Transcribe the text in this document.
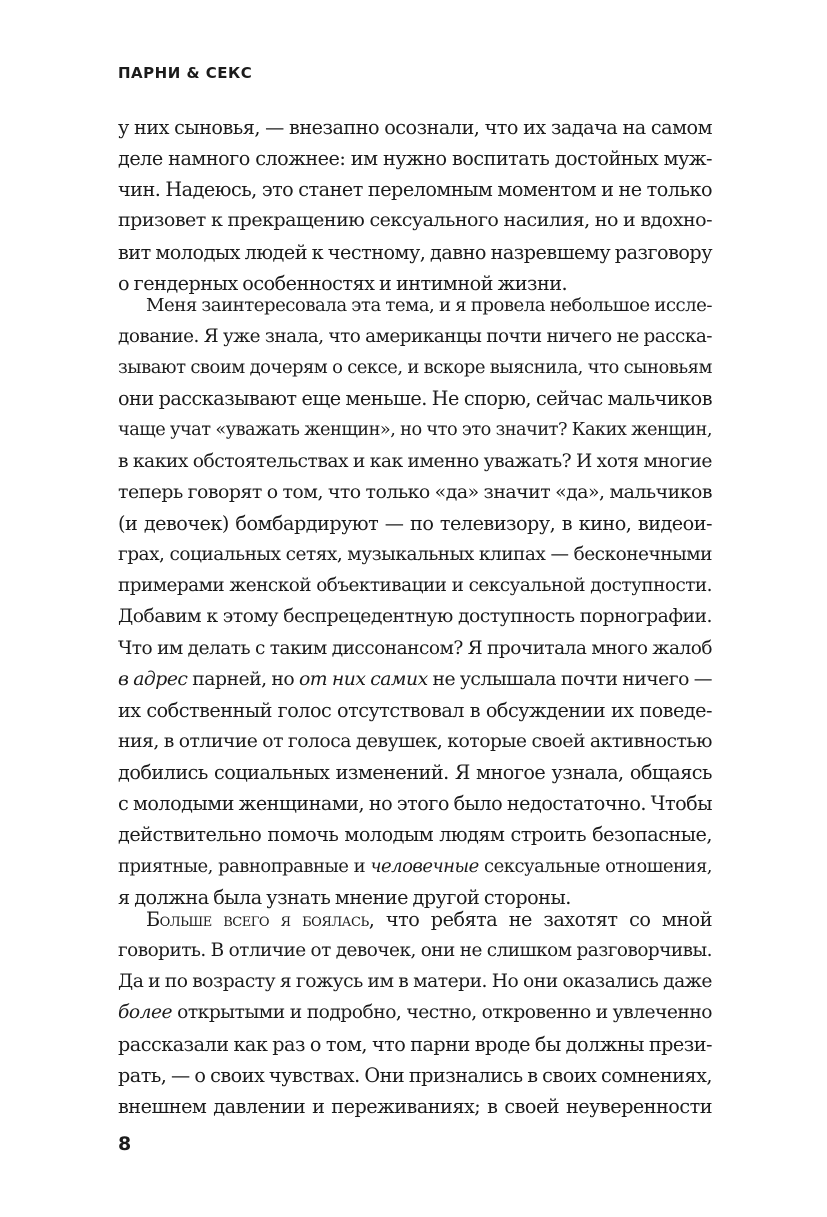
ПАРНИ & СЕКС
у них сыновья, — внезапно осознали, что их задача на самом
деле намного сложнее: им нужно воспитать достойных муж-
чин. Надеюсь, это станет переломным моментом и не только
призовет к прекращению сексуального насилия, но и вдохно-
вит молодых людей к честному, давно назревшему разговору
о гендерных особенностях и интимной жизни.
Меня заинтересовала эта тема, и я провела небольшое иссле-
дование. Я уже знала, что американцы почти ничего не расска-
зывают своим дочерям о сексе, и вскоре выяснила, что сыновьям
они рассказывают еще меньше. Не спорю, сейчас мальчиков
чаще учат «уважать женщин», но что это значит? Каких женщин,
в каких обстоятельствах и как именно уважать? И хотя многие
теперь говорят о том, что только «да» значит «да», мальчиков
(и девочек) бомбардируют — по телевизору, в кино, видеои-
грах, социальных сетях, музыкальных клипах — бесконечными
примерами женской объективации и сексуальной доступности.
Добавим к этому беспрецедентную доступность порнографии.
Что им делать с таким диссонансом? Я прочитала много жалоб
в адрес парней, но от них самих не услышала почти ничего —
их собственный голос отсутствовал в обсуждении их поведе-
ния, в отличие от голоса девушек, которые своей активностью
добились социальных изменений. Я многое узнала, общаясь
с молодыми женщинами, но этого было недостаточно. Чтобы
действительно помочь молодым людям строить безопасные,
приятные, равноправные и человечные сексуальные отношения,
я должна была узнать мнение другой стороны.
Больше всего я боялась, что ребята не захотят со мной
говорить. В отличие от девочек, они не слишком разговорчивы.
Да и по возрасту я гожусь им в матери. Но они оказались даже
более открытыми и подробно, честно, откровенно и увлеченно
рассказали как раз о том, что парни вроде бы должны прези-
рать, — о своих чувствах. Они признались в своих сомнениях,
внешнем давлении и переживаниях; в своей неуверенности
8
